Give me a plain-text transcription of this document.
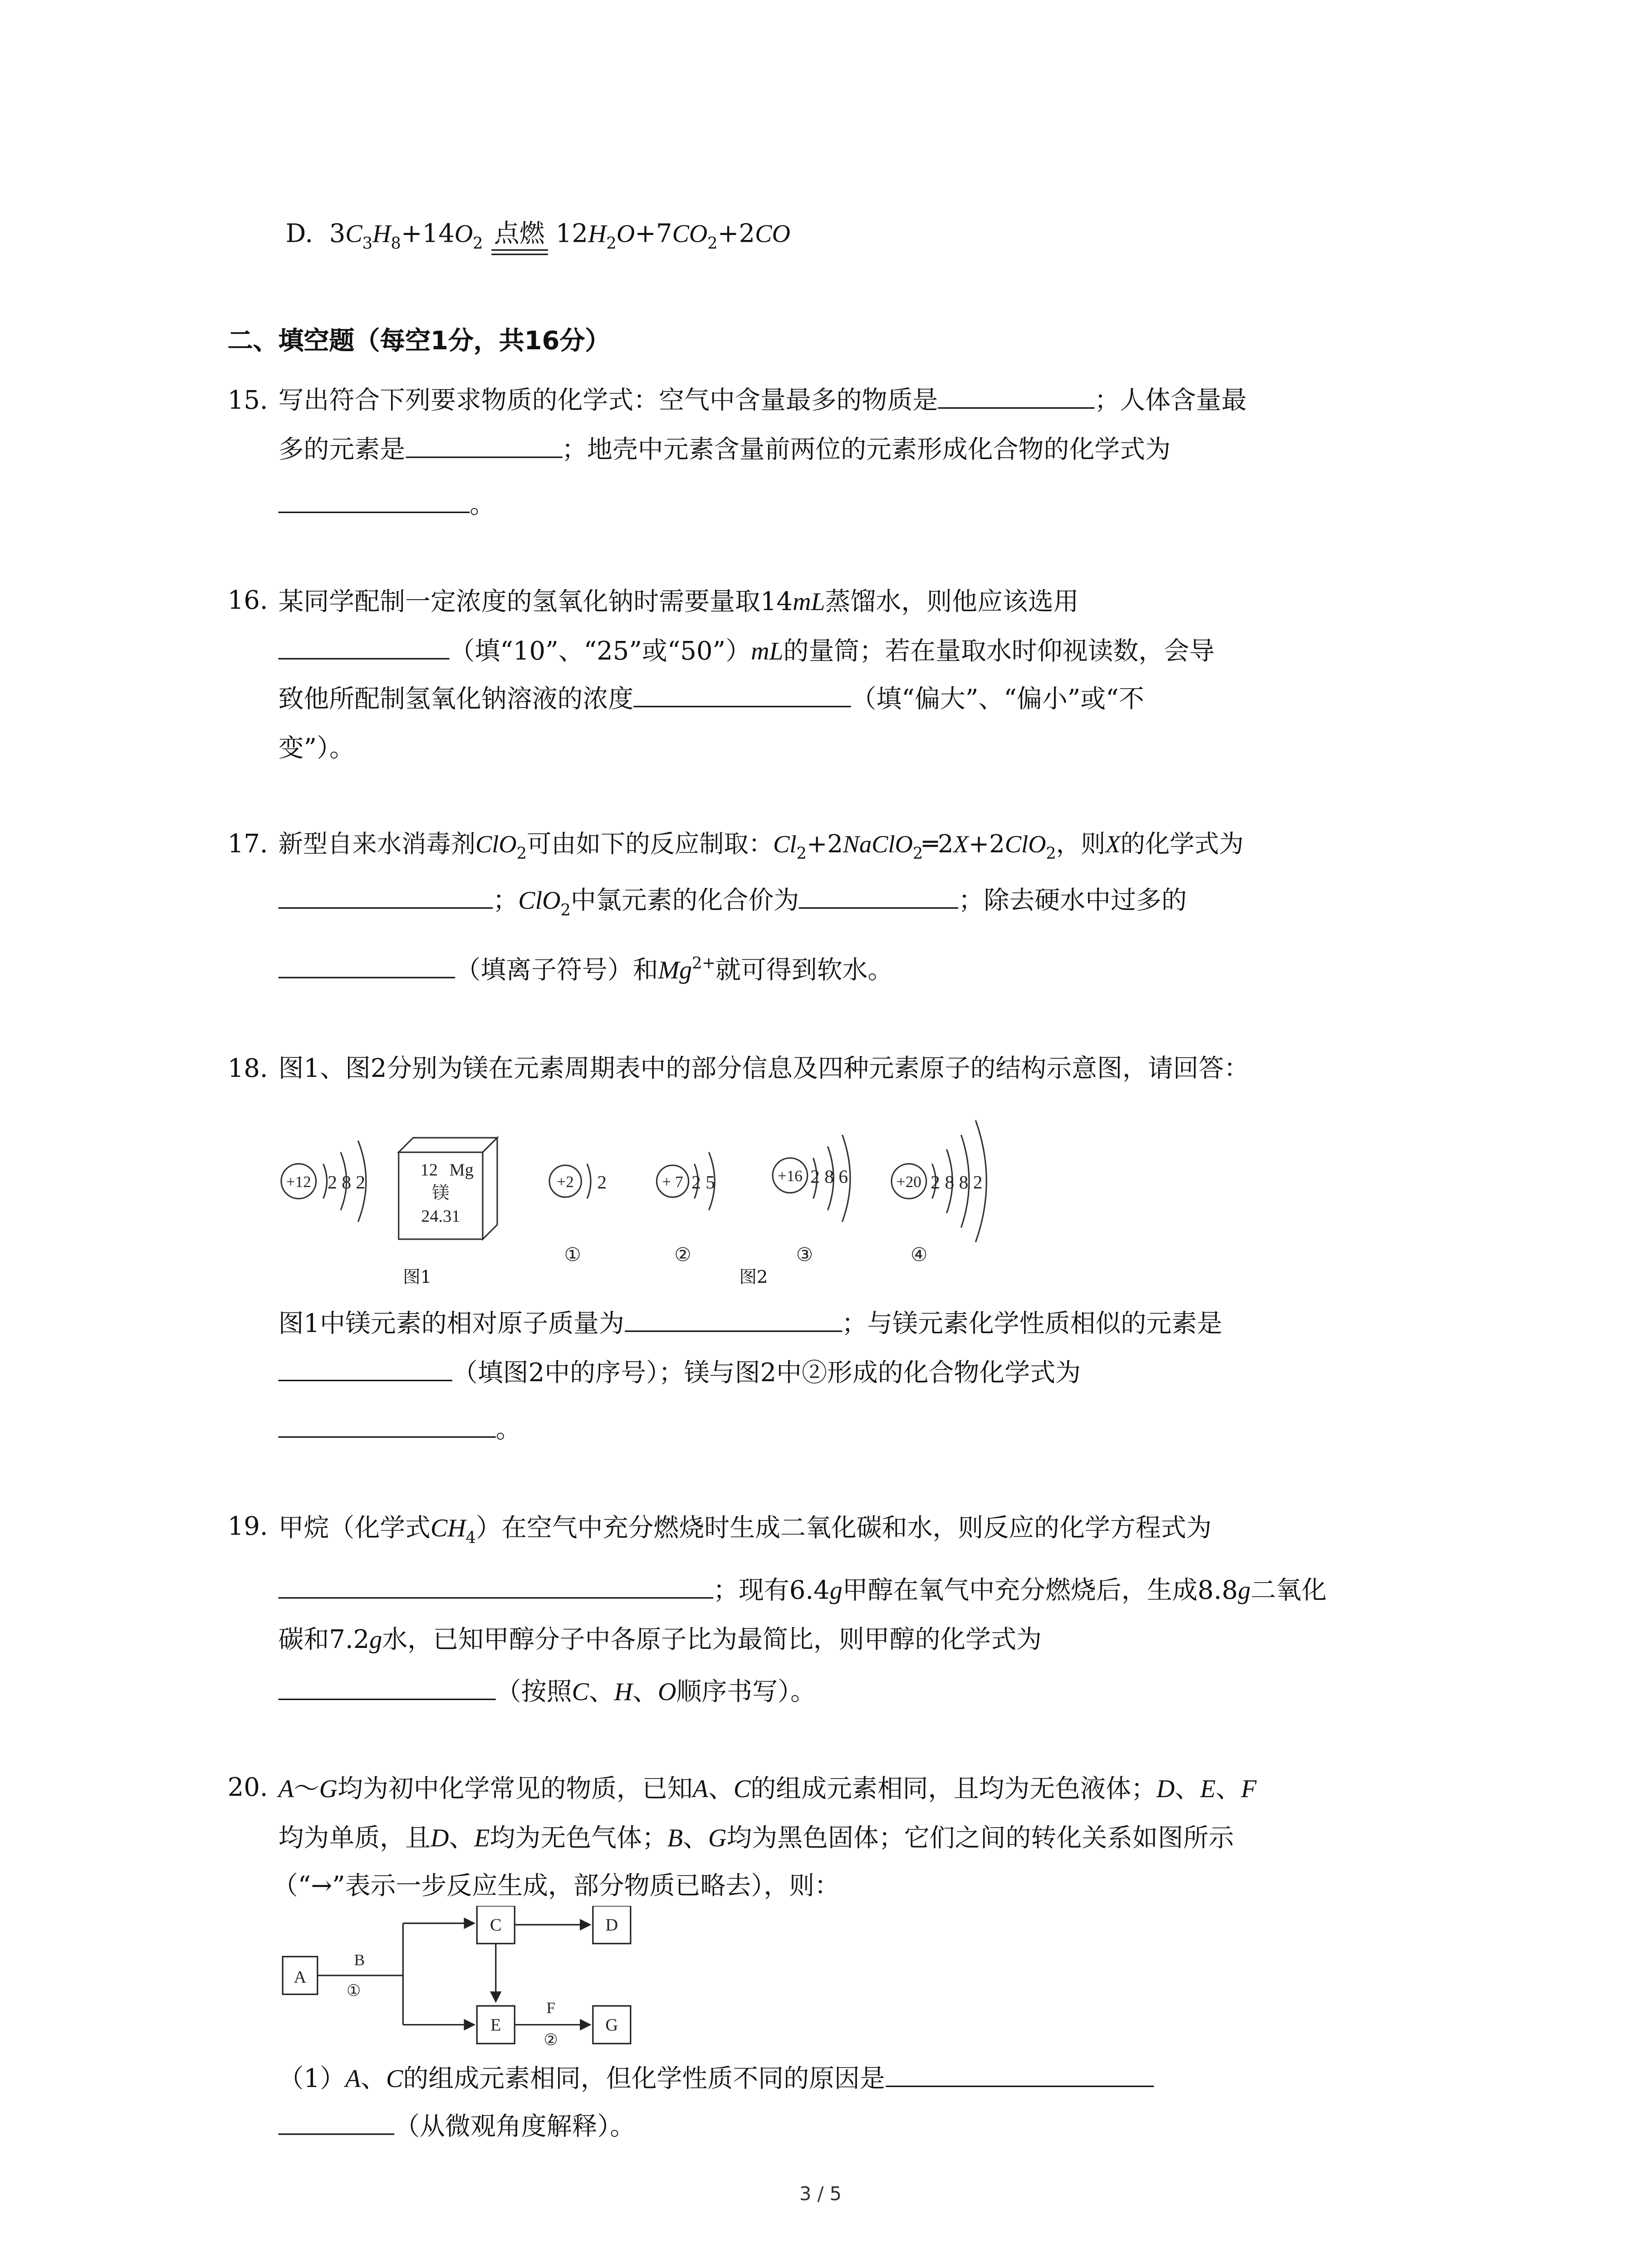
D. $3C_3H_8+14O_2$ 点燃 $12H_2O+7CO_2+2CO$
二、填空题（每空1分，共16分）
15. 写出符合下列要求物质的化学式：空气中含量最多的物质是	；人体含量最
多的元素是	；地壳中元素含量前两位的元素形成化合物的化学式为
。
16. 某同学配制一定浓度的氢氧化钠时需要量取14mL蒸馏水，则他应该选用
（填“10”、“25”或“50”）mL的量筒；若在量取水时仰视读数，会导
致他所配制氢氧化钠溶液的浓度	（填“偏大”、“偏小”或“不
变”）。
17. 新型自来水消毒剂ClO$_2$可由如下的反应制取：$Cl_2+2NaClO_2═2X+2ClO_2$，则X的化学式为
；ClO$_2$中氯元素的化合价为	；除去硬水中过多的
（填离子符号）和$Mg^{2+}$就可得到软水。
18. 图1、图2分别为镁在元素周期表中的部分信息及四种元素原子的结构示意图，请回答：
+12	2 8 2
12 Mg
镁
24.31
+2	2
①
+ 7 2 5
②
+16 2 8 6
③
+20 2 8 8 2
④
图1	图2
图1中镁元素的相对原子质量为	；与镁元素化学性质相似的元素是
（填图2中的序号）；镁与图2中②形成的化合物化学式为
。
19. 甲烷（化学式$CH_4$）在空气中充分燃烧时生成二氧化碳和水，则反应的化学方程式为
；现有6.4g甲醇在氧气中充分燃烧后，生成8.8g二氧化
碳和7.2g水，已知甲醇分子中各原子比为最简比，则甲醇的化学式为
（按照C、H、O顺序书写）。
20. A～G均为初中化学常见的物质，已知A、C的组成元素相同，且均为无色液体；D、E、F
均为单质，且D、E均为无色气体；B、G均为黑色固体；它们之间的转化关系如图所示
（“→”表示一步反应生成，部分物质已略去），则：
A
B
①
C	D
E
F
②
G
（1）A、C的组成元素相同，但化学性质不同的原因是
（从微观角度解释）。
3 / 5
